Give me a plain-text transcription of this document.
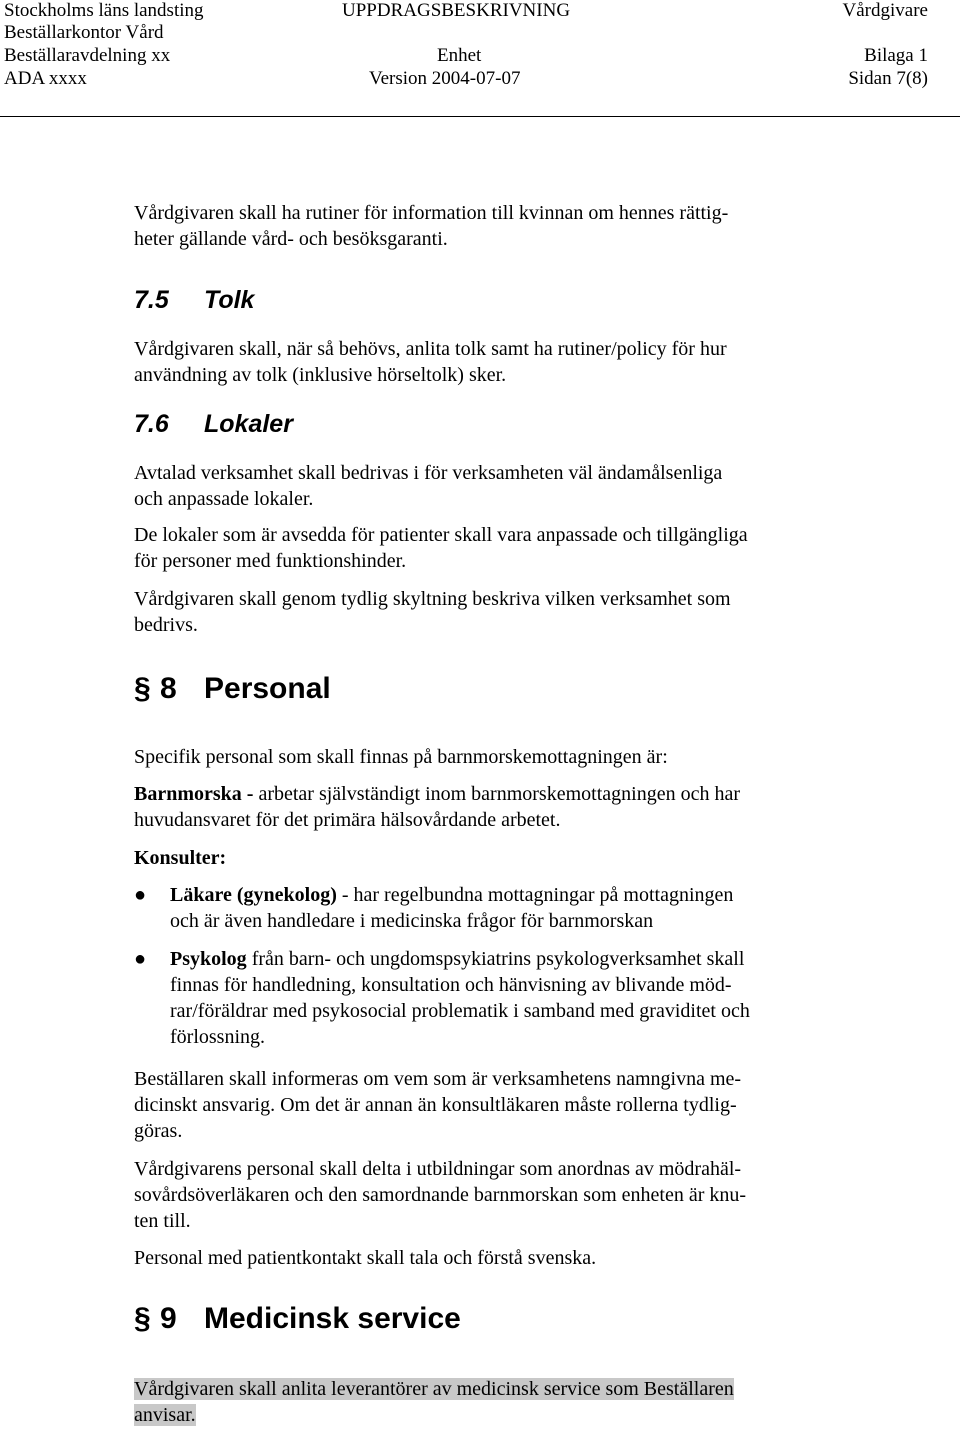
Stockholms läns landsting
Beställarkontor Vård
Beställaravdelning xx
ADA xxxx
UPPDRAGSBESKRIVNING
Enhet
Version 2004-07-07
Vårdgivare
Bilaga 1
Sidan 7(8)
Vårdgivaren skall ha rutiner för information till kvinnan om hennes rättig-
heter gällande vård- och besöksgaranti.
7.5 Tolk
Vårdgivaren skall, när så behövs, anlita tolk samt ha rutiner/policy för hur
användning av tolk (inklusive hörseltolk) sker.
7.6 Lokaler
Avtalad verksamhet skall bedrivas i för verksamheten väl ändamålsenliga
och anpassade lokaler.
De lokaler som är avsedda för patienter skall vara anpassade och tillgängliga
för personer med funktionshinder.
Vårdgivaren skall genom tydlig skyltning beskriva vilken verksamhet som
bedrivs.
§ 8 Personal
Specifik personal som skall finnas på barnmorskemottagningen är:
Barnmorska - arbetar självständigt inom barnmorskemottagningen och har
huvudansvaret för det primära hälsovårdande arbetet.
Konsulter:
● Läkare (gynekolog) - har regelbundna mottagningar på mottagningen
och är även handledare i medicinska frågor för barnmorskan
● Psykolog från barn- och ungdomspsykiatrins psykologverksamhet skall
finnas för handledning, konsultation och hänvisning av blivande möd-
rar/föräldrar med psykosocial problematik i samband med graviditet och
förlossning.
Beställaren skall informeras om vem som är verksamhetens namngivna me-
dicinskt ansvarig. Om det är annan än konsultläkaren måste rollerna tydlig-
göras.
Vårdgivarens personal skall delta i utbildningar som anordnas av mödrahäl-
sovårdsöverläkaren och den samordnande barnmorskan som enheten är knu-
ten till.
Personal med patientkontakt skall tala och förstå svenska.
§ 9 Medicinsk service
Vårdgivaren skall anlita leverantörer av medicinsk service som Beställaren
anvisar.
